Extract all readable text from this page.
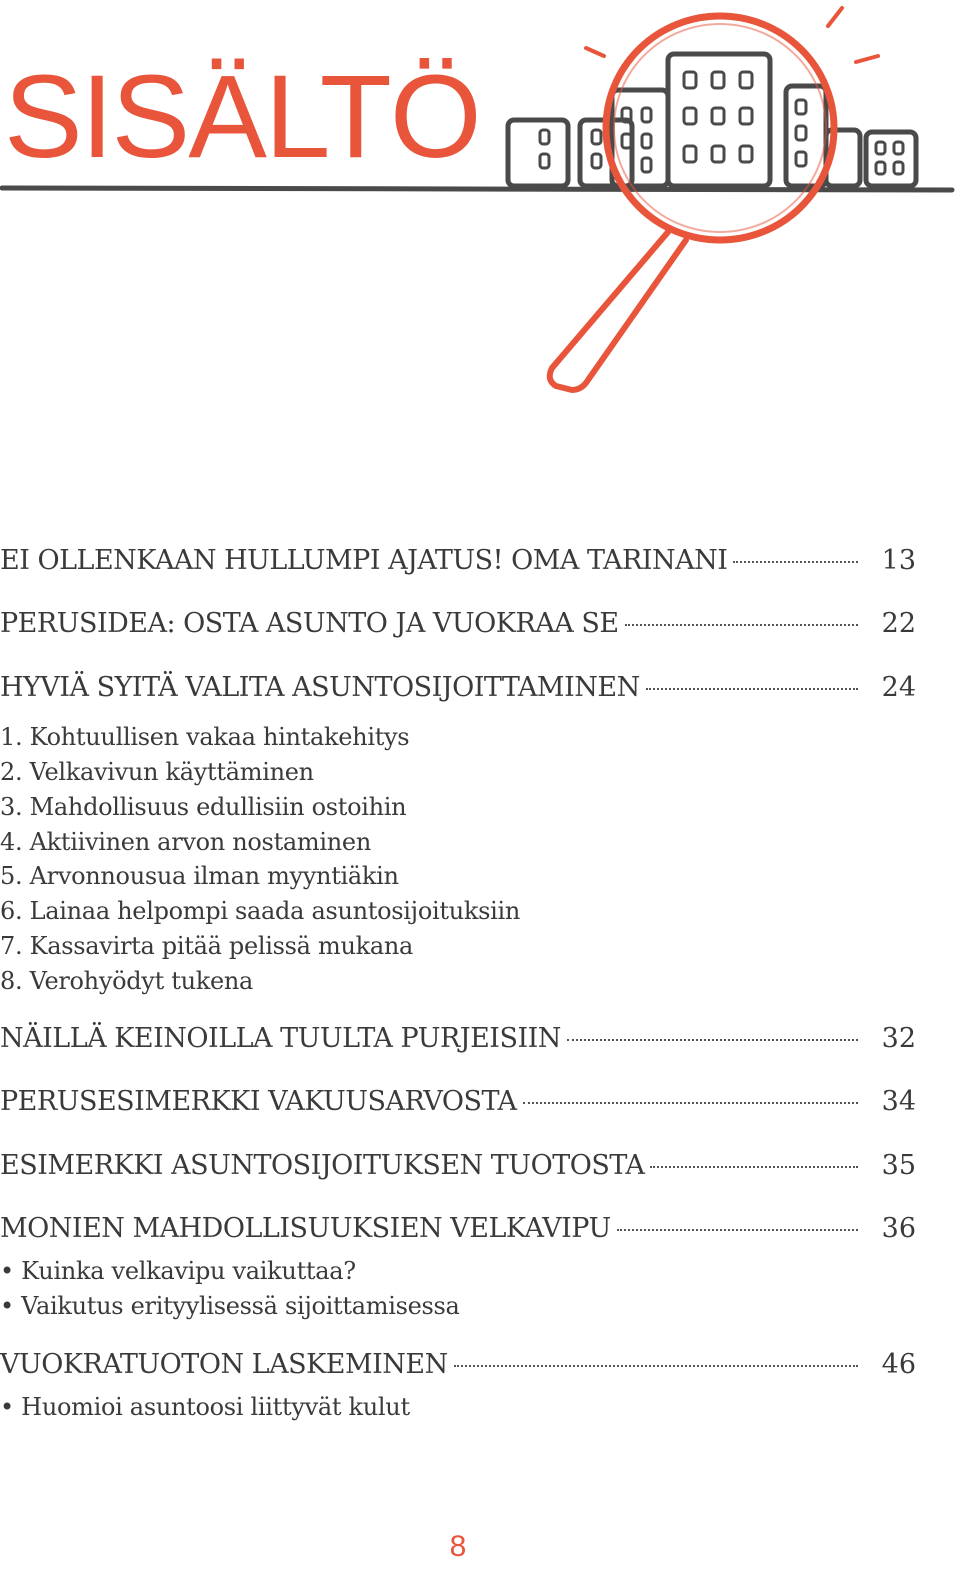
SISÄLTÖ
EI OLLENKAAN HULLUMPI AJATUS! OMA TARINANI	13
PERUSIDEA: OSTA ASUNTO JA VUOKRAA SE	22
HYVIÄ SYITÄ VALITA ASUNTOSIJOITTAMINEN	24
1. Kohtuullisen vakaa hintakehitys
2. Velkavivun käyttäminen
3. Mahdollisuus edullisiin ostoihin
4. Aktiivinen arvon nostaminen
5. Arvonnousua ilman myyntiäkin
6. Lainaa helpompi saada asuntosijoituksiin
7. Kassavirta pitää pelissä mukana
8. Verohyödyt tukena
NÄILLÄ KEINOILLA TUULTA PURJEISIIN	32
PERUSESIMERKKI VAKUUSARVOSTA	34
ESIMERKKI ASUNTOSIJOITUKSEN TUOTOSTA	35
MONIEN MAHDOLLISUUKSIEN VELKAVIPU	36
• Kuinka velkavipu vaikuttaa?
• Vaikutus erityylisessä sijoittamisessa
VUOKRATUOTON LASKEMINEN	46
• Huomioi asuntoosi liittyvät kulut
8
